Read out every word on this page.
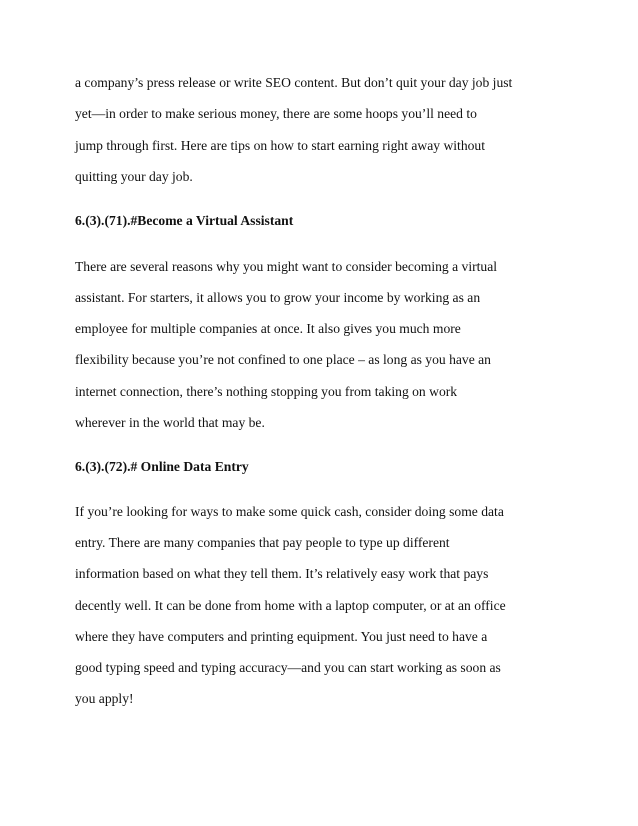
a company’s press release or write SEO content. But don’t quit your day job just
yet—in order to make serious money, there are some hoops you’ll need to
jump through first. Here are tips on how to start earning right away without
quitting your day job.
6.(3).(71).#Become a Virtual Assistant
There are several reasons why you might want to consider becoming a virtual
assistant. For starters, it allows you to grow your income by working as an
employee for multiple companies at once. It also gives you much more
flexibility because you’re not confined to one place – as long as you have an
internet connection, there’s nothing stopping you from taking on work
wherever in the world that may be.
6.(3).(72).# Online Data Entry
If you’re looking for ways to make some quick cash, consider doing some data
entry. There are many companies that pay people to type up different
information based on what they tell them. It’s relatively easy work that pays
decently well. It can be done from home with a laptop computer, or at an office
where they have computers and printing equipment. You just need to have a
good typing speed and typing accuracy—and you can start working as soon as
you apply!
